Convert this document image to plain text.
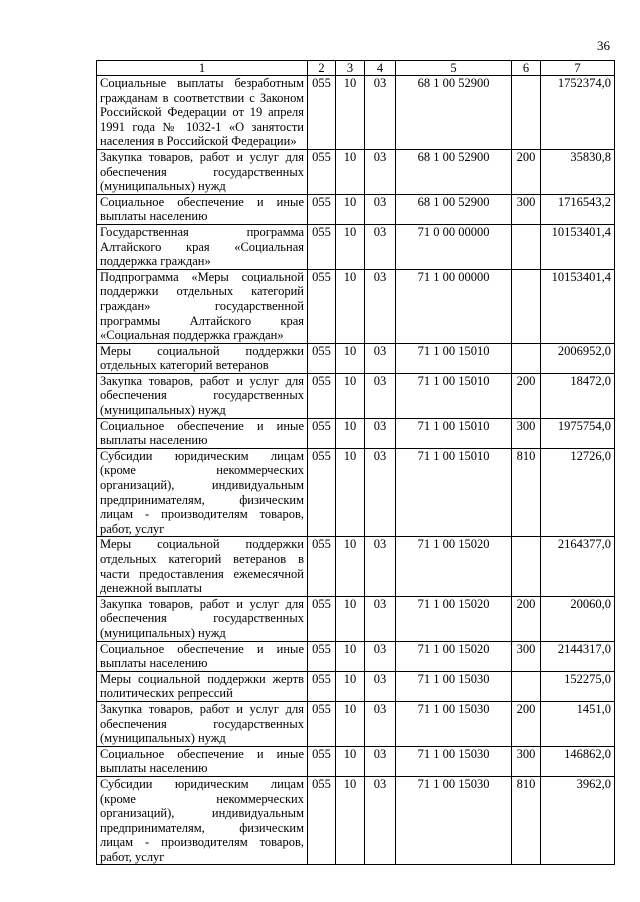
36
1	2	3	4	5	6	7
Социальные выплаты безработным гражданам в соответствии с Законом Российской Федерации от 19 апреля 1991 года № 1032-1 «О занятости населения в Российской Федерации»	055	10	03	68 1 00 52900		1752374,0
Закупка товаров, работ и услуг для обеспечения государственных (муниципальных) нужд	055	10	03	68 1 00 52900	200	35830,8
Социальное обеспечение и иные выплаты населению	055	10	03	68 1 00 52900	300	1716543,2
Государственная программа Алтайского края «Социальная поддержка граждан»	055	10	03	71 0 00 00000		10153401,4
Подпрограмма «Меры социальной поддержки отдельных категорий граждан» государственной программы Алтайского края «Социальная поддержка граждан»	055	10	03	71 1 00 00000		10153401,4
Меры социальной поддержки отдельных категорий ветеранов	055	10	03	71 1 00 15010		2006952,0
Закупка товаров, работ и услуг для обеспечения государственных (муниципальных) нужд	055	10	03	71 1 00 15010	200	18472,0
Социальное обеспечение и иные выплаты населению	055	10	03	71 1 00 15010	300	1975754,0
Субсидии юридическим лицам (кроме некоммерческих организаций), индивидуальным предпринимателям, физическим лицам - производителям товаров, работ, услуг	055	10	03	71 1 00 15010	810	12726,0
Меры социальной поддержки отдельных категорий ветеранов в части предоставления ежемесячной денежной выплаты	055	10	03	71 1 00 15020		2164377,0
Закупка товаров, работ и услуг для обеспечения государственных (муниципальных) нужд	055	10	03	71 1 00 15020	200	20060,0
Социальное обеспечение и иные выплаты населению	055	10	03	71 1 00 15020	300	2144317,0
Меры социальной поддержки жертв политических репрессий	055	10	03	71 1 00 15030		152275,0
Закупка товаров, работ и услуг для обеспечения государственных (муниципальных) нужд	055	10	03	71 1 00 15030	200	1451,0
Социальное обеспечение и иные выплаты населению	055	10	03	71 1 00 15030	300	146862,0
Субсидии юридическим лицам (кроме некоммерческих организаций), индивидуальным предпринимателям, физическим лицам - производителям товаров, работ, услуг	055	10	03	71 1 00 15030	810	3962,0
